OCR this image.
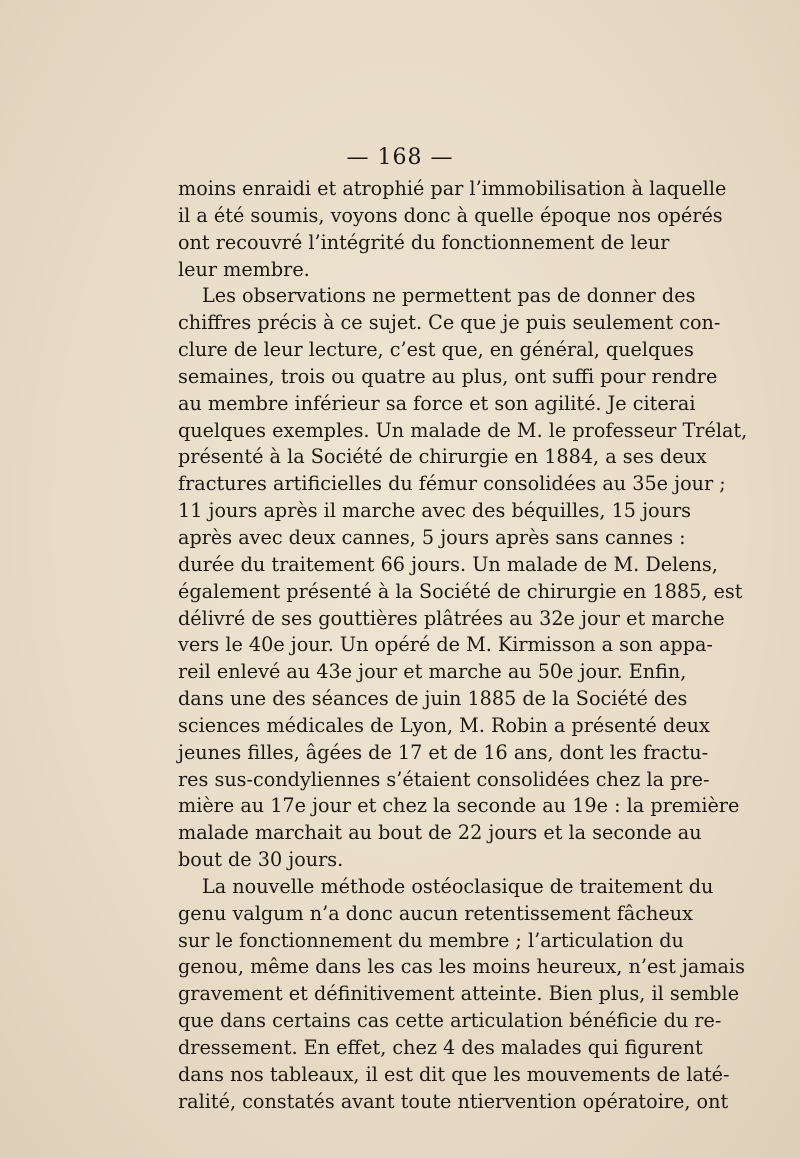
— 168 —
moins enraidi et atrophié par l’immobilisation à laquelle
il a été soumis, voyons donc à quelle époque nos opérés
ont recouvré l’intégrité du fonctionnement de leur
leur membre.
Les observations ne permettent pas de donner des
chiffres précis à ce sujet. Ce que je puis seulement con-
clure de leur lecture, c’est que, en général, quelques
semaines, trois ou quatre au plus, ont suffi pour rendre
au membre inférieur sa force et son agilité. Je citerai
quelques exemples. Un malade de M. le professeur Trélat,
présenté à la Société de chirurgie en 1884, a ses deux
fractures artificielles du fémur consolidées au 35e jour ;
11 jours après il marche avec des béquilles, 15 jours
après avec deux cannes, 5 jours après sans cannes :
durée du traitement 66 jours. Un malade de M. Delens,
également présenté à la Société de chirurgie en 1885, est
délivré de ses gouttières plâtrées au 32e jour et marche
vers le 40e jour. Un opéré de M. Kirmisson a son appa-
reil enlevé au 43e jour et marche au 50e jour. Enfin,
dans une des séances de juin 1885 de la Société des
sciences médicales de Lyon, M. Robin a présenté deux
jeunes filles, âgées de 17 et de 16 ans, dont les fractu-
res sus-condyliennes s’étaient consolidées chez la pre-
mière au 17e jour et chez la seconde au 19e : la première
malade marchait au bout de 22 jours et la seconde au
bout de 30 jours.
La nouvelle méthode ostéoclasique de traitement du
genu valgum n’a donc aucun retentissement fâcheux
sur le fonctionnement du membre ; l’articulation du
genou, même dans les cas les moins heureux, n’est jamais
gravement et définitivement atteinte. Bien plus, il semble
que dans certains cas cette articulation bénéficie du re-
dressement. En effet, chez 4 des malades qui figurent
dans nos tableaux, il est dit que les mouvements de laté-
ralité, constatés avant toute ntiervention opératoire, ont
